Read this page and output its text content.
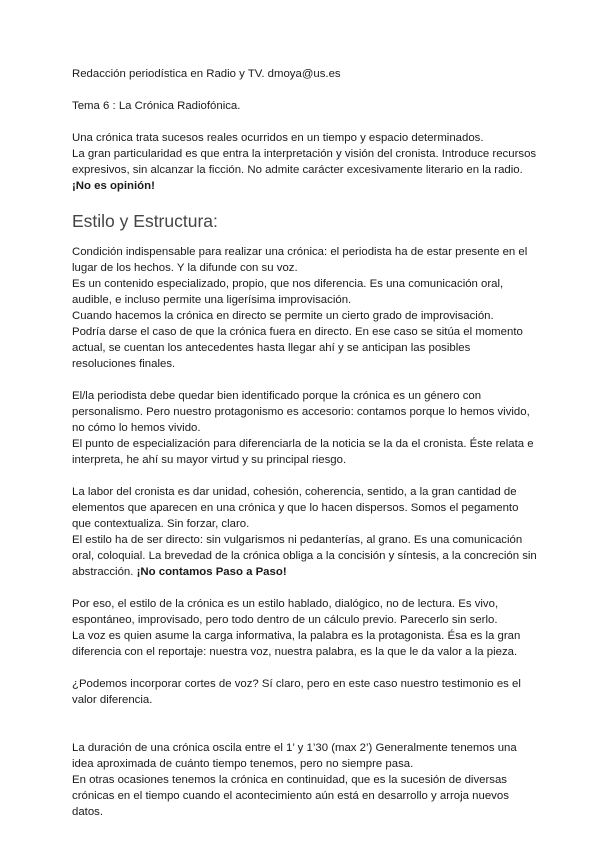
Redacción periodística en Radio y TV. dmoya@us.es

Tema 6 : La Crónica Radiofónica.

Una crónica trata sucesos reales ocurridos en un tiempo y espacio determinados.

La gran particularidad es que entra la interpretación y visión del cronista. Introduce recursos expresivos, sin alcanzar la ficción. No admite carácter excesivamente literario en la radio.

¡No es opinión!

Estilo y Estructura:

Condición indispensable para realizar una crónica: el periodista ha de estar presente en el lugar de los hechos. Y la difunde con su voz.

Es un contenido especializado, propio, que nos diferencia. Es una comunicación oral, audible, e incluso permite una ligerísima improvisación.

Cuando hacemos la crónica en directo se permite un cierto grado de improvisación.

Podría darse el caso de que la crónica fuera en directo. En ese caso se sitúa el momento actual, se cuentan los antecedentes hasta llegar ahí y se anticipan las posibles resoluciones finales.

El/la periodista debe quedar bien identificado porque la crónica es un género con personalismo. Pero nuestro protagonismo es accesorio: contamos porque lo hemos vivido, no cómo lo hemos vivido.

El punto de especialización para diferenciarla de la noticia se la da el cronista. Éste relata e interpreta, he ahí su mayor virtud y su principal riesgo.

La labor del cronista es dar unidad, cohesión, coherencia, sentido, a la gran cantidad de elementos que aparecen en una crónica y que lo hacen dispersos. Somos el pegamento que contextualiza. Sin forzar, claro.

El estilo ha de ser directo: sin vulgarismos ni pedanterías, al grano. Es una comunicación oral, coloquial. La brevedad de la crónica obliga a la concisión y síntesis, a la concreción sin abstracción. ¡No contamos Paso a Paso!

Por eso, el estilo de la crónica es un estilo hablado, dialógico, no de lectura. Es vivo, espontáneo, improvisado, pero todo dentro de un cálculo previo. Parecerlo sin serlo.

La voz es quien asume la carga informativa, la palabra es la protagonista. Ésa es la gran diferencia con el reportaje: nuestra voz, nuestra palabra, es la que le da valor a la pieza.

¿Podemos incorporar cortes de voz? Sí claro, pero en este caso nuestro testimonio es el valor diferencia.

La duración de una crónica oscila entre el 1’ y 1’30 (max 2’) Generalmente tenemos una idea aproximada de cuánto tiempo tenemos, pero no siempre pasa.

En otras ocasiones tenemos la crónica en continuidad, que es la sucesión de diversas crónicas en el tiempo cuando el acontecimiento aún está en desarrollo y arroja nuevos datos.
